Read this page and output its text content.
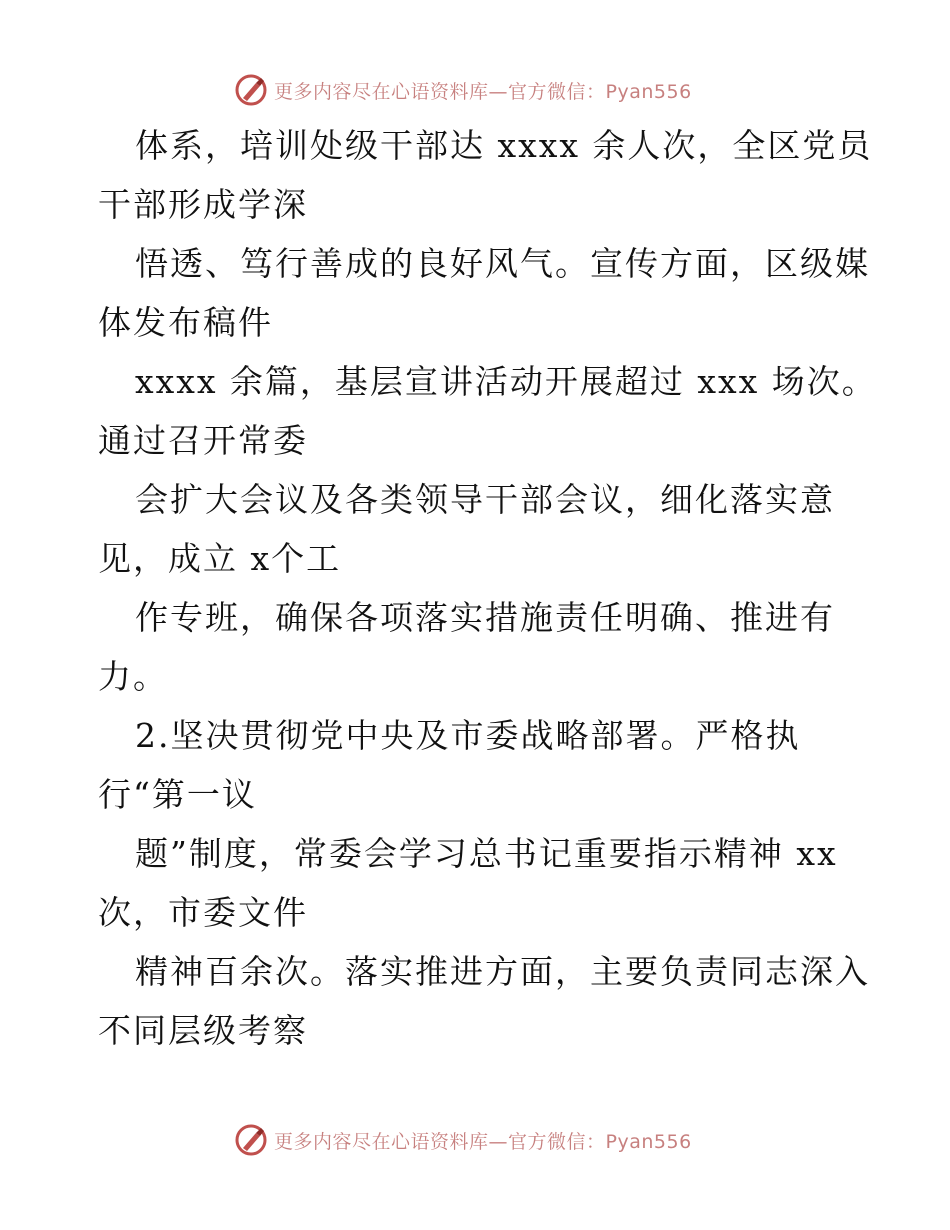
更多内容尽在心语资料库—官方微信：Pyan556
体系，培训处级干部达 xxxx 余人次，全区党员
干部形成学深
悟透、笃行善成的良好风气。宣传方面，区级媒
体发布稿件
xxxx 余篇，基层宣讲活动开展超过 xxx 场次。
通过召开常委
会扩大会议及各类领导干部会议，细化落实意
见，成立 x个工
作专班，确保各项落实措施责任明确、推进有
力。
2.坚决贯彻党中央及市委战略部署。严格执
行“第一议
题”制度，常委会学习总书记重要指示精神 xx
次，市委文件
精神百余次。落实推进方面，主要负责同志深入
不同层级考察
更多内容尽在心语资料库—官方微信：Pyan556
